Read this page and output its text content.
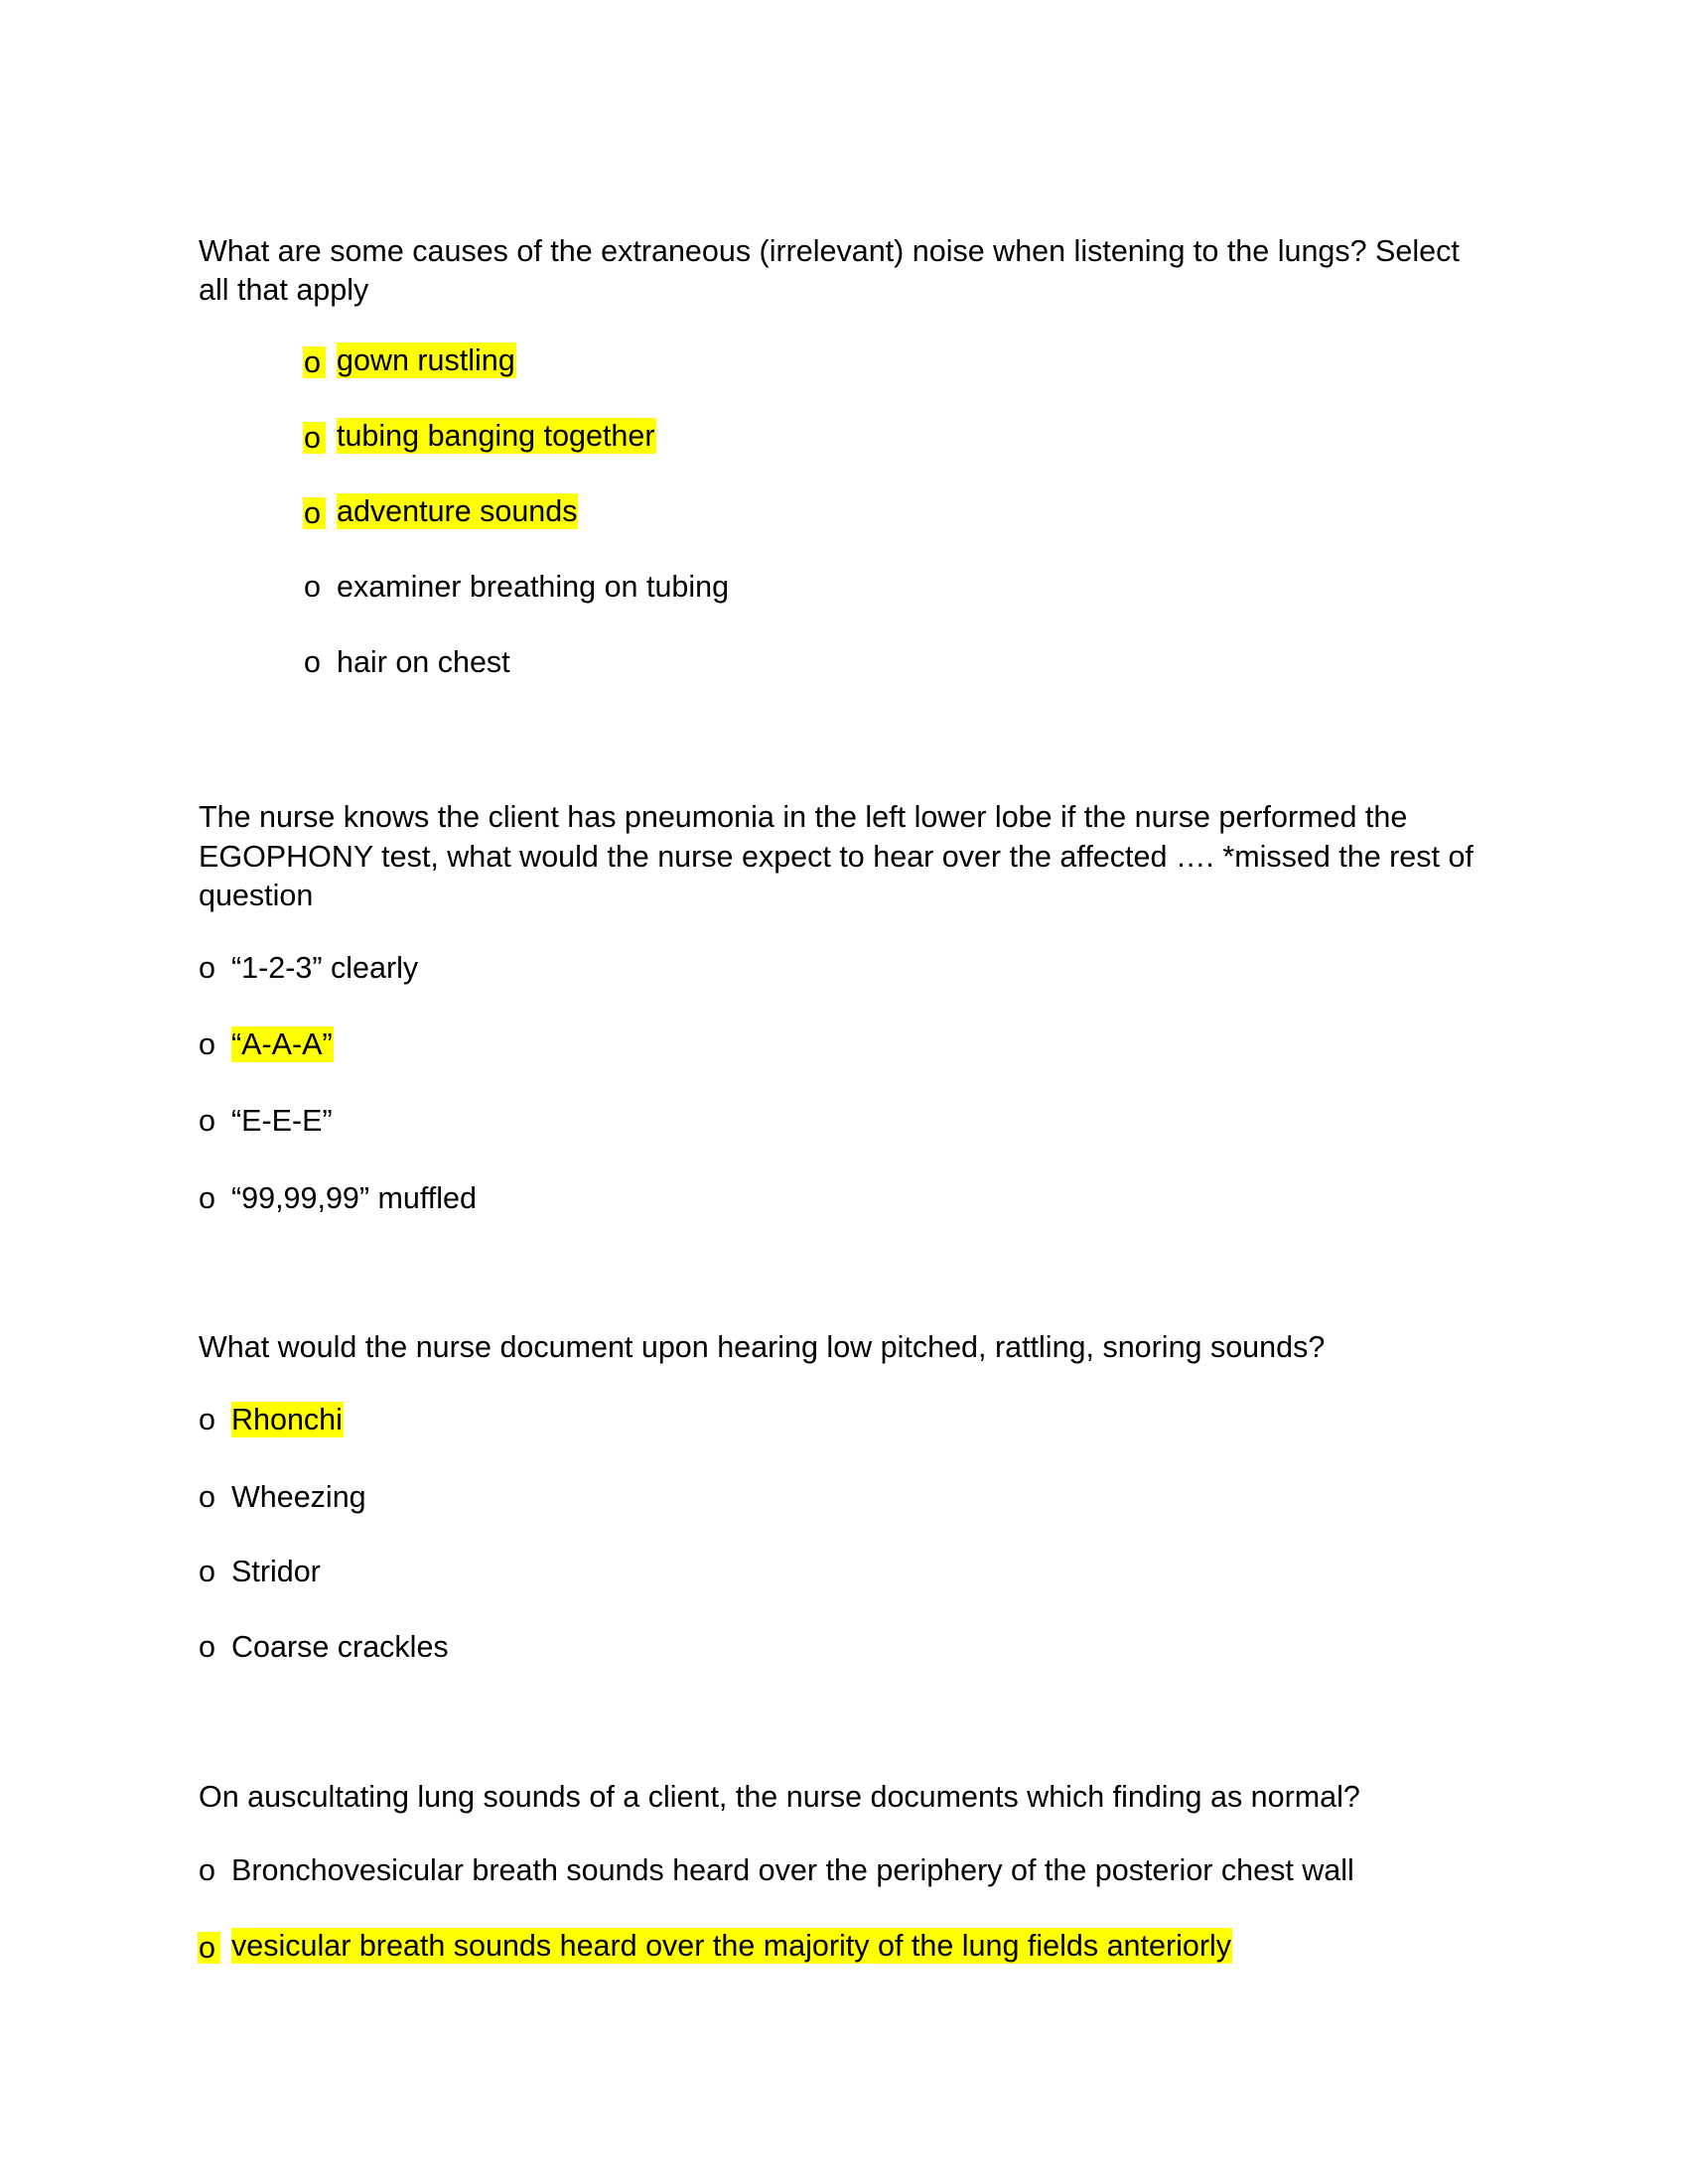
What are some causes of the extraneous (irrelevant) noise when listening to the lungs? Select
all that apply

o

gown rustling

o

tubing banging together

o

adventure sounds

o

examiner breathing on tubing

o

hair on chest

The nurse knows the client has pneumonia in the left lower lobe if the nurse performed the
EGOPHONY test, what would the nurse expect to hear over the affected …. *missed the rest of
question

o

“1-2-3” clearly

o

“A-A-A”

o

“E-E-E”

o

“99,99,99” muffled

What would the nurse document upon hearing low pitched, rattling, snoring sounds?

o

Rhonchi

o

Wheezing

o

Stridor

o

Coarse crackles

On auscultating lung sounds of a client, the nurse documents which finding as normal?

o

Bronchovesicular breath sounds heard over the periphery of the posterior chest wall

o

vesicular breath sounds heard over the majority of the lung fields anteriorly
